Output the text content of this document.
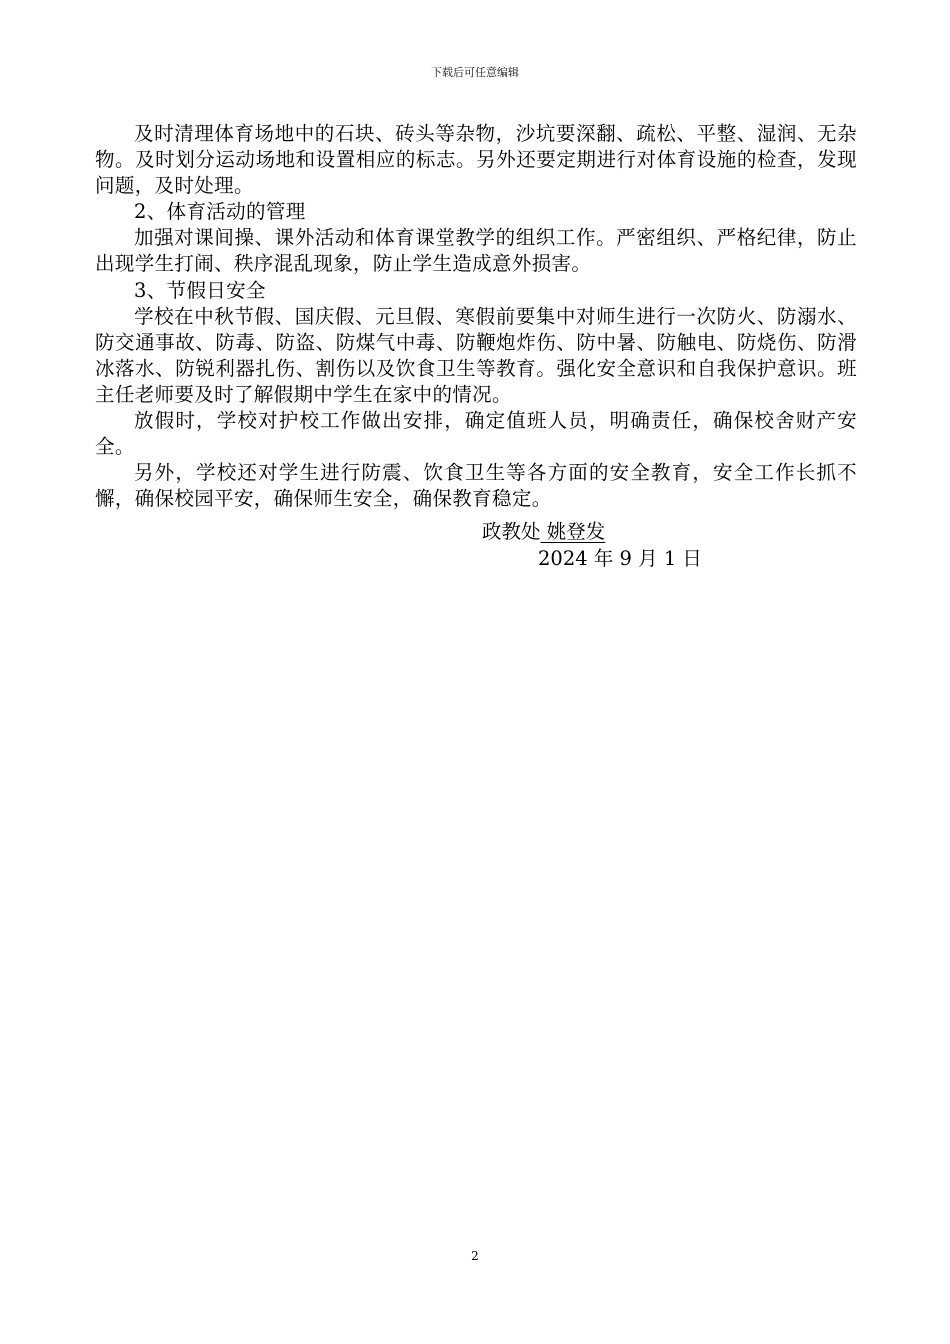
下载后可任意编辑

及时清理体育场地中的石块、砖头等杂物，沙坑要深翻、疏松、平整、湿润、无杂物。及时划分运动场地和设置相应的标志。另外还要定期进行对体育设施的检查，发现问题，及时处理。

2、体育活动的管理

加强对课间操、课外活动和体育课堂教学的组织工作。严密组织、严格纪律，防止出现学生打闹、秩序混乱现象，防止学生造成意外损害。

3、节假日安全

学校在中秋节假、国庆假、元旦假、寒假前要集中对师生进行一次防火、防溺水、防交通事故、防毒、防盗、防煤气中毒、防鞭炮炸伤、防中暑、防触电、防烧伤、防滑冰落水、防锐利器扎伤、割伤以及饮食卫生等教育。强化安全意识和自我保护意识。班主任老师要及时了解假期中学生在家中的情况。

放假时，学校对护校工作做出安排，确定值班人员，明确责任，确保校舍财产安全。

另外，学校还对学生进行防震、饮食卫生等各方面的安全教育，安全工作长抓不懈，确保校园平安，确保师生安全，确保教育稳定。

政教处 姚登发
2024 年 9 月 1 日
2
